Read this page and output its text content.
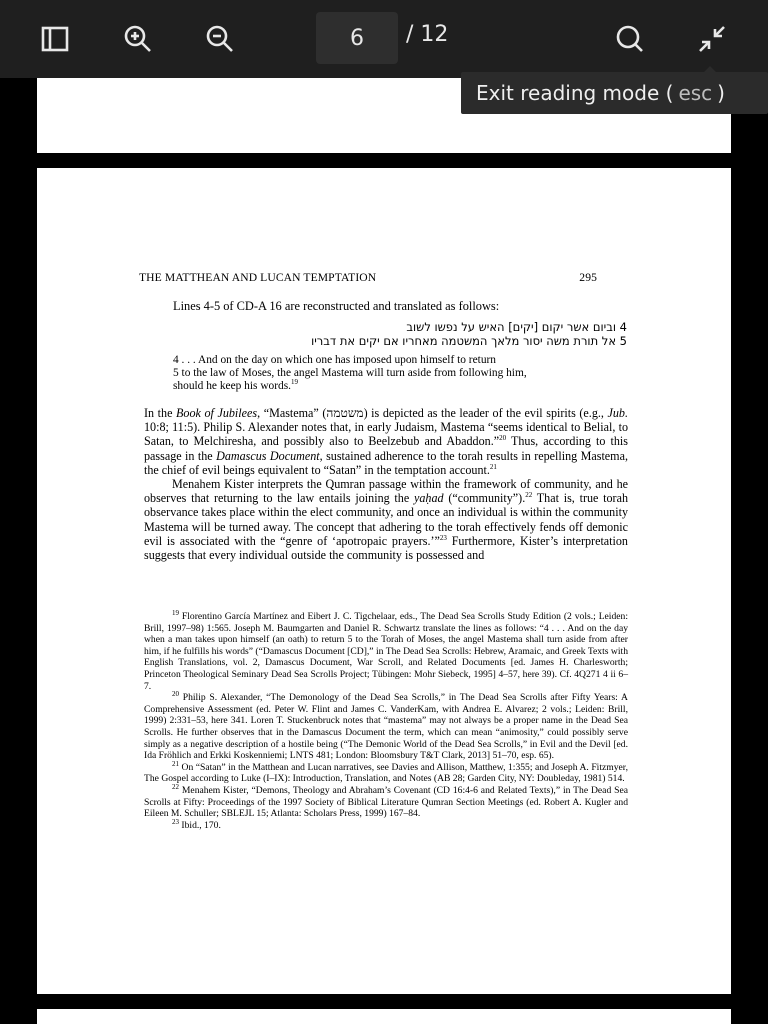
6	/ 12
Exit reading mode ( esc )
THE MATTHEAN AND LUCAN TEMPTATION	295
Lines 4-5 of CD-A 16 are reconstructed and translated as follows:
4 וביום אשר יקום [יקים] האיש על נפשו לשוב
5 אל תורת משה יסור מלאך המשטמה מאחריו אם יקים את דבריו
4 . . . And on the day on which one has imposed upon himself to return
5 to the law of Moses, the angel Mastema will turn aside from following him,
should he keep his words.$^{19}$

In the Book of Jubilees, “Mastema” (משטמה) is depicted as the leader of the evil spirits (e.g., Jub. 10:8; 11:5). Philip S. Alexander notes that, in early Judaism, Mastema “seems identical to Belial, to Satan, to Melchiresha, and possibly also to Beelzebub and Abaddon.”$^{20}$ Thus, according to this passage in the Damascus Document, sustained adherence to the torah results in repelling Mastema, the chief of evil beings equivalent to “Satan” in the temptation account.$^{21}$

Menahem Kister interprets the Qumran passage within the framework of community, and he observes that returning to the law entails joining the yaḥad (“community”).$^{22}$ That is, true torah observance takes place within the elect community, and once an individual is within the community Mastema will be turned away. The concept that adhering to the torah effectively fends off demonic evil is associated with the “genre of ‘apotropaic prayers.’”$^{23}$ Furthermore, Kister’s interpretation suggests that every individual outside the community is possessed and

$^{19}$ Florentino García Martínez and Eibert J. C. Tigchelaar, eds., The Dead Sea Scrolls Study Edition (2 vols.; Leiden: Brill, 1997–98) 1:565. Joseph M. Baumgarten and Daniel R. Schwartz translate the lines as follows: “4 . . . And on the day when a man takes upon himself (an oath) to return 5 to the Torah of Moses, the angel Mastema shall turn aside from after him, if he fulfills his words” (“Damascus Document [CD],” in The Dead Sea Scrolls: Hebrew, Aramaic, and Greek Texts with English Translations, vol. 2, Damascus Document, War Scroll, and Related Documents [ed. James H. Charlesworth; Princeton Theological Seminary Dead Sea Scrolls Project; Tübingen: Mohr Siebeck, 1995] 4–57, here 39). Cf. 4Q271 4 ii 6–7.

$^{20}$ Philip S. Alexander, “The Demonology of the Dead Sea Scrolls,” in The Dead Sea Scrolls after Fifty Years: A Comprehensive Assessment (ed. Peter W. Flint and James C. VanderKam, with Andrea E. Alvarez; 2 vols.; Leiden: Brill, 1999) 2:331–53, here 341. Loren T. Stuckenbruck notes that “mastema” may not always be a proper name in the Dead Sea Scrolls. He further observes that in the Damascus Document the term, which can mean “animosity,” could possibly serve simply as a negative description of a hostile being (“The Demonic World of the Dead Sea Scrolls,” in Evil and the Devil [ed. Ida Fröhlich and Erkki Koskenniemi; LNTS 481; London: Bloomsbury T&T Clark, 2013] 51–70, esp. 65).

$^{21}$ On “Satan” in the Matthean and Lucan narratives, see Davies and Allison, Matthew, 1:355; and Joseph A. Fitzmyer, The Gospel according to Luke (I–IX): Introduction, Translation, and Notes (AB 28; Garden City, NY: Doubleday, 1981) 514.

$^{22}$ Menahem Kister, “Demons, Theology and Abraham’s Covenant (CD 16:4-6 and Related Texts),” in The Dead Sea Scrolls at Fifty: Proceedings of the 1997 Society of Biblical Literature Qumran Section Meetings (ed. Robert A. Kugler and Eileen M. Schuller; SBLEJL 15; Atlanta: Scholars Press, 1999) 167–84.

$^{23}$ Ibid., 170.
